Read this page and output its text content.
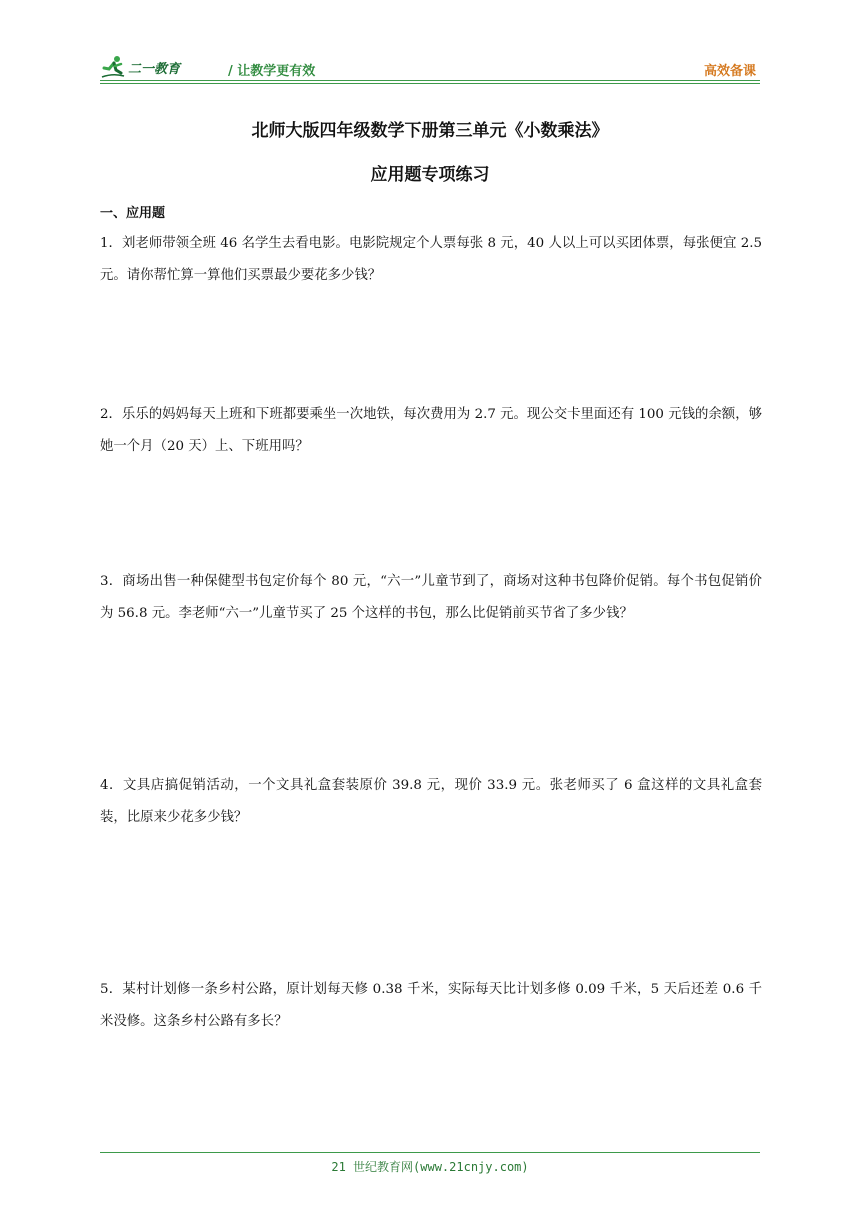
二一教育	/ 让教学更有效	高效备课
北师大版四年级数学下册第三单元《小数乘法》
应用题专项练习
一、应用题
1．刘老师带领全班 46 名学生去看电影。电影院规定个人票每张 8 元，40 人以上可以买团体票，每张便宜 2.5 元。请你帮忙算一算他们买票最少要花多少钱？
2．乐乐的妈妈每天上班和下班都要乘坐一次地铁，每次费用为 2.7 元。现公交卡里面还有 100 元钱的余额，够她一个月（20 天）上、下班用吗？
3．商场出售一种保健型书包定价每个 80 元，“六一”儿童节到了，商场对这种书包降价促销。每个书包促销价为 56.8 元。李老师“六一”儿童节买了 25 个这样的书包，那么比促销前买节省了多少钱？
4．文具店搞促销活动，一个文具礼盒套装原价 39.8 元，现价 33.9 元。张老师买了 6 盒这样的文具礼盒套装，比原来少花多少钱？
5．某村计划修一条乡村公路，原计划每天修 0.38 千米，实际每天比计划多修 0.09 千米，5 天后还差 0.6 千米没修。这条乡村公路有多长？
21 世纪教育网(www.21cnjy.com)
